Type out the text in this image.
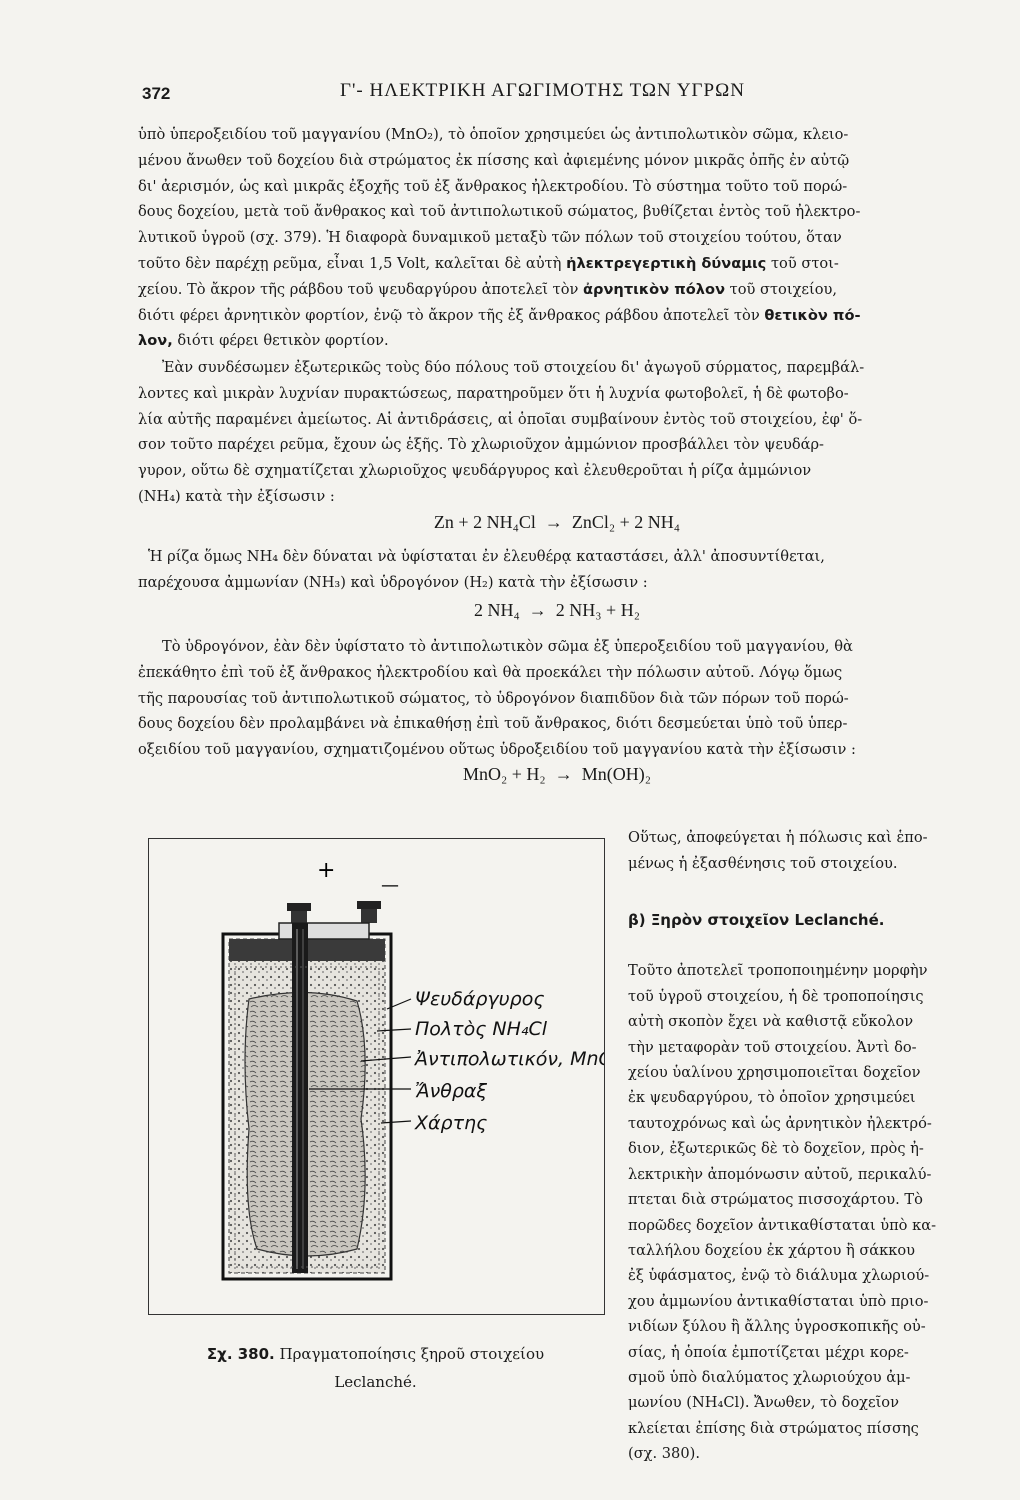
372	Γ'- ΗΛΕΚΤΡΙΚΗ ΑΓΩΓΙΜΟΤΗΣ ΤΩΝ ΥΓΡΩΝ
ὑπὸ ὑπεροξειδίου τοῦ μαγγανίου (MnO₂), τὸ ὁποῖον χρησιμεύει ὡς ἀντιπολωτικὸν σῶμα, κλειο-
μένου ἄνωθεν τοῦ δοχείου διὰ στρώματος ἐκ πίσσης καὶ ἀφιεμένης μόνον μικρᾶς ὀπῆς ἐν αὐτῷ
δι' ἀερισμόν, ὡς καὶ μικρᾶς ἐξοχῆς τοῦ ἐξ ἄνθρακος ἠλεκτροδίου. Τὸ σύστημα τοῦτο τοῦ πορώ-
δους δοχείου, μετὰ τοῦ ἄνθρακος καὶ τοῦ ἀντιπολωτικοῦ σώματος, βυθίζεται ἐντὸς τοῦ ἠλεκτρο-
λυτικοῦ ὑγροῦ (σχ. 379). Ἡ διαφορὰ δυναμικοῦ μεταξὺ τῶν πόλων τοῦ στοιχείου τούτου, ὅταν
τοῦτο δὲν παρέχῃ ρεῦμα, εἶναι 1,5 Volt, καλεῖται δὲ αὐτὴ ἠλεκτρεγερτικὴ δύναμις τοῦ στοι-
χείου. Τὸ ἄκρον τῆς ράβδου τοῦ ψευδαργύρου ἀποτελεῖ τὸν ἀρνητικὸν πόλον τοῦ στοιχείου,
διότι φέρει ἀρνητικὸν φορτίον, ἐνῷ τὸ ἄκρον τῆς ἐξ ἄνθρακος ράβδου ἀποτελεῖ τὸν θετικὸν πό-
λον, διότι φέρει θετικὸν φορτίον.
Ἐὰν συνδέσωμεν ἐξωτερικῶς τοὺς δύο πόλους τοῦ στοιχείου δι' ἀγωγοῦ σύρματος, παρεμβάλ-
λοντες καὶ μικρὰν λυχνίαν πυρακτώσεως, παρατηροῦμεν ὅτι ἡ λυχνία φωτοβολεῖ, ἡ δὲ φωτοβο-
λία αὐτῆς παραμένει ἀμείωτος. Αἱ ἀντιδράσεις, αἱ ὁποῖαι συμβαίνουν ἐντὸς τοῦ στοιχείου, ἐφ' ὅ-
σον τοῦτο παρέχει ρεῦμα, ἔχουν ὡς ἑξῆς. Τὸ χλωριοῦχον ἀμμώνιον προσβάλλει τὸν ψευδάρ-
γυρον, οὕτω δὲ σχηματίζεται χλωριοῦχος ψευδάργυρος καὶ ἐλευθεροῦται ἡ ρίζα ἀμμώνιον
(NH₄) κατὰ τὴν ἐξίσωσιν :
Zn + 2 NH₄Cl  →  ZnCl₂ + 2 NH₄
Ἡ ρίζα ὅμως NH₄ δὲν δύναται νὰ ὑφίσταται ἐν ἐλευθέρᾳ καταστάσει, ἀλλ' ἀποσυντίθεται,
παρέχουσα ἀμμωνίαν (NH₃) καὶ ὑδρογόνον (H₂) κατὰ τὴν ἐξίσωσιν :
2 NH₄  →  2 NH₃ + H₂
Τὸ ὑδρογόνον, ἐὰν δὲν ὑφίστατο τὸ ἀντιπολωτικὸν σῶμα ἐξ ὑπεροξειδίου τοῦ μαγγανίου, θὰ
ἐπεκάθητο ἐπὶ τοῦ ἐξ ἄνθρακος ἠλεκτροδίου καὶ θὰ προεκάλει τὴν πόλωσιν αὐτοῦ. Λόγῳ ὅμως
τῆς παρουσίας τοῦ ἀντιπολωτικοῦ σώματος, τὸ ὑδρογόνον διαπιδῦον διὰ τῶν πόρων τοῦ πορώ-
δους δοχείου δὲν προλαμβάνει νὰ ἐπικαθήσῃ ἐπὶ τοῦ ἄνθρακος, διότι δεσμεύεται ὑπὸ τοῦ ὑπερ-
οξειδίου τοῦ μαγγανίου, σχηματιζομένου οὕτως ὑδροξειδίου τοῦ μαγγανίου κατὰ τὴν ἐξίσωσιν :
MnO₂ + H₂  →  Mn(OH)₂

Οὕτως, ἀποφεύγεται ἡ πόλωσις καὶ ἑπο-
μένως ἡ ἐξασθένησις τοῦ στοιχείου.

β) Ξηρὸν στοιχεῖον Leclanché.

Τοῦτο ἀποτελεῖ τροποποιημένην μορφὴν
τοῦ ὑγροῦ στοιχείου, ἡ δὲ τροποποίησις
αὐτὴ σκοπὸν ἔχει νὰ καθιστᾷ εὔκολον
τὴν μεταφορὰν τοῦ στοιχείου. Ἀντὶ δο-
χείου ὑαλίνου χρησιμοποιεῖται δοχεῖον
ἐκ ψευδαργύρου, τὸ ὁποῖον χρησιμεύει
ταυτοχρόνως καὶ ὡς ἀρνητικὸν ἠλεκτρό-
διον, ἐξωτερικῶς δὲ τὸ δοχεῖον, πρὸς ἠ-
λεκτρικὴν ἀπομόνωσιν αὐτοῦ, περικαλύ-
πτεται διὰ στρώματος πισσοχάρτου. Τὸ
πορῶδες δοχεῖον ἀντικαθίσταται ὑπὸ κα-
ταλλήλου δοχείου ἐκ χάρτου ἢ σάκκου
ἐξ ὑφάσματος, ἐνῷ τὸ διάλυμα χλωριού-
χου ἀμμωνίου ἀντικαθίσταται ὑπὸ πριο-
νιδίων ξύλου ἢ ἄλλης ὑγροσκοπικῆς οὐ-
σίας, ἡ ὁποία ἐμποτίζεται μέχρι κορε-
σμοῦ ὑπὸ διαλύματος χλωριούχου ἀμ-
μωνίου (NH₄Cl). Ἄνωθεν, τὸ δοχεῖον
κλείεται ἐπίσης διὰ στρώματος πίσσης
(σχ. 380).

+
—
Ψευδάργυρος
Πολτὸς NH₄Cl
Ἀντιπολωτικόν, MnO₂
Ἄνθραξ
Χάρτης
Σχ. 380. Πραγματοποίησις ξηροῦ στοιχείου
Leclanché.
